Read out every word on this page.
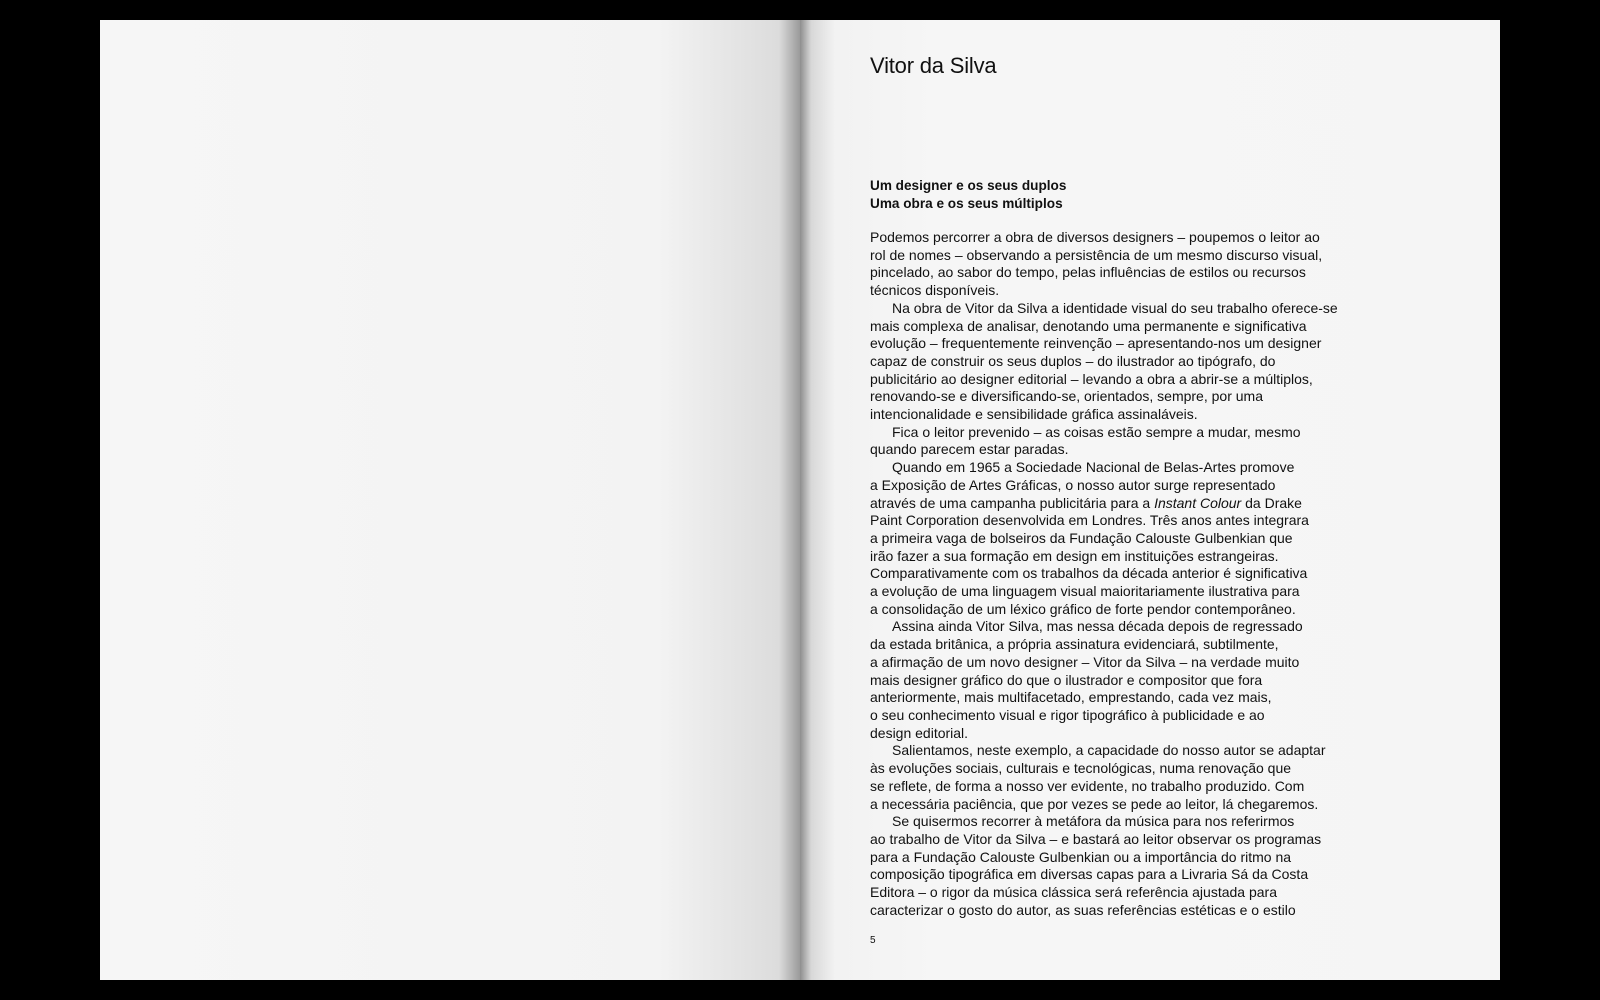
Vitor da Silva
Um designer e os seus duplos
Uma obra e os seus múltiplos
Podemos percorrer a obra de diversos designers – poupemos o leitor ao
rol de nomes – observando a persistência de um mesmo discurso visual,
pincelado, ao sabor do tempo, pelas influências de estilos ou recursos
técnicos disponíveis.
Na obra de Vitor da Silva a identidade visual do seu trabalho oferece-se
mais complexa de analisar, denotando uma permanente e significativa
evolução – frequentemente reinvenção – apresentando-nos um designer
capaz de construir os seus duplos – do ilustrador ao tipógrafo, do
publicitário ao designer editorial – levando a obra a abrir-se a múltiplos,
renovando-se e diversificando-se, orientados, sempre, por uma
intencionalidade e sensibilidade gráfica assinaláveis.
Fica o leitor prevenido – as coisas estão sempre a mudar, mesmo
quando parecem estar paradas.
Quando em 1965 a Sociedade Nacional de Belas-Artes promove
a Exposição de Artes Gráficas, o nosso autor surge representado
através de uma campanha publicitária para a Instant Colour da Drake
Paint Corporation desenvolvida em Londres. Três anos antes integrara
a primeira vaga de bolseiros da Fundação Calouste Gulbenkian que
irão fazer a sua formação em design em instituições estrangeiras.
Comparativamente com os trabalhos da década anterior é significativa
a evolução de uma linguagem visual maioritariamente ilustrativa para
a consolidação de um léxico gráfico de forte pendor contemporâneo.
Assina ainda Vitor Silva, mas nessa década depois de regressado
da estada britânica, a própria assinatura evidenciará, subtilmente,
a afirmação de um novo designer – Vitor da Silva – na verdade muito
mais designer gráfico do que o ilustrador e compositor que fora
anteriormente, mais multifacetado, emprestando, cada vez mais,
o seu conhecimento visual e rigor tipográfico à publicidade e ao
design editorial.
Salientamos, neste exemplo, a capacidade do nosso autor se adaptar
às evoluções sociais, culturais e tecnológicas, numa renovação que
se reflete, de forma a nosso ver evidente, no trabalho produzido. Com
a necessária paciência, que por vezes se pede ao leitor, lá chegaremos.
Se quisermos recorrer à metáfora da música para nos referirmos
ao trabalho de Vitor da Silva – e bastará ao leitor observar os programas
para a Fundação Calouste Gulbenkian ou a importância do ritmo na
composição tipográfica em diversas capas para a Livraria Sá da Costa
Editora – o rigor da música clássica será referência ajustada para
caracterizar o gosto do autor, as suas referências estéticas e o estilo
5
